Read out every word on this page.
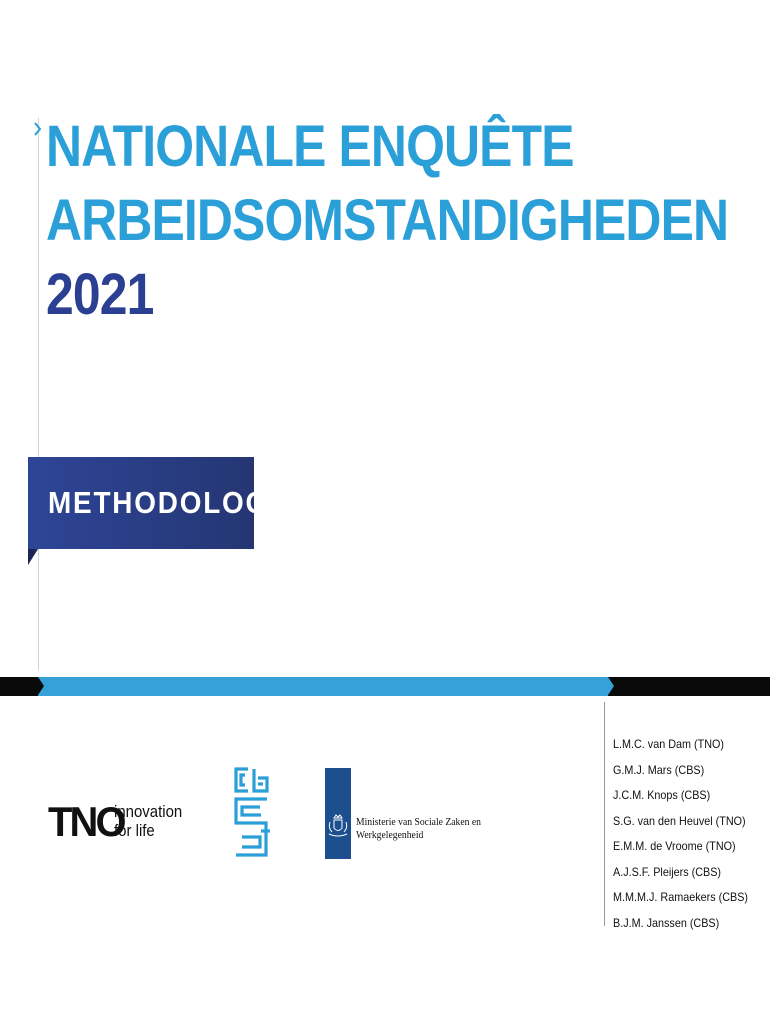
NATIONALE ENQUÊTE
ARBEIDSOMSTANDIGHEDEN
2021

METHODOLOGIE

L.M.C. van Dam (TNO)
G.M.J. Mars (CBS)
J.C.M. Knops (CBS)
S.G. van den Heuvel (TNO)
E.M.M. de Vroome (TNO)
A.J.S.F. Pleijers (CBS)
M.M.M.J. Ramaekers (CBS)
B.J.M. Janssen (CBS)
TNO
innovation
for life	Ministerie van Sociale Zaken en
Werkgelegenheid
